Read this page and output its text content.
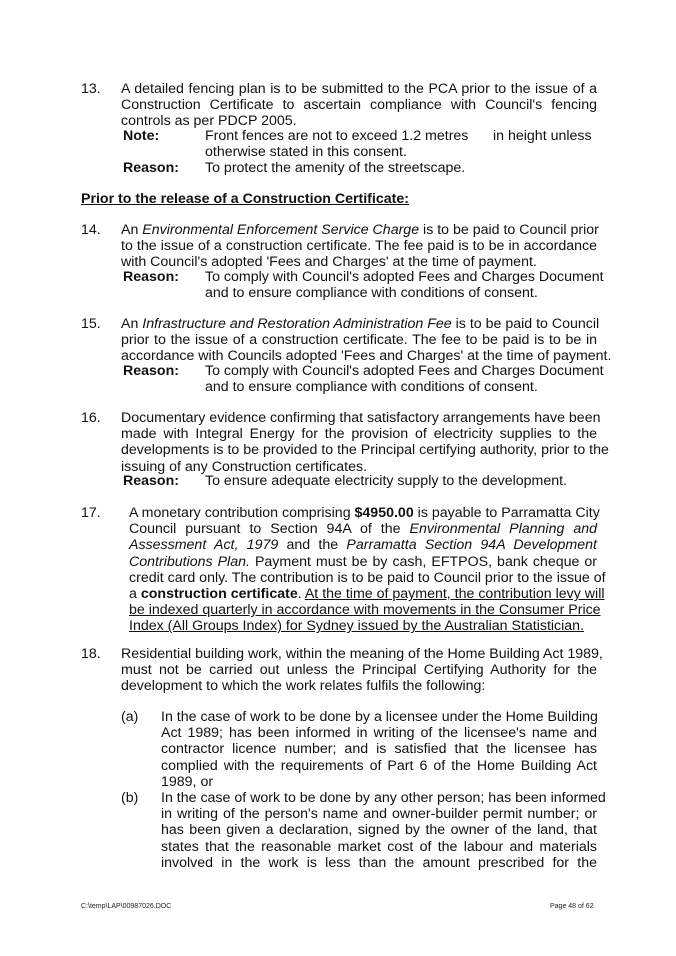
13. A detailed fencing plan is to be submitted to the PCA prior to the issue of a
Construction Certificate to ascertain compliance with Council's fencing
controls as per PDCP 2005.
Note:	Front fences are not to exceed 1.2 metres in height unless
otherwise stated in this consent.
Reason: To protect the amenity of the streetscape.
Prior to the release of a Construction Certificate:
14. An Environmental Enforcement Service Charge is to be paid to Council prior
to the issue of a construction certificate. The fee paid is to be in accordance
with Council's adopted 'Fees and Charges' at the time of payment.
Reason: To comply with Council's adopted Fees and Charges Document
and to ensure compliance with conditions of consent.
15. An Infrastructure and Restoration Administration Fee is to be paid to Council
prior to the issue of a construction certificate. The fee to be paid is to be in
accordance with Councils adopted 'Fees and Charges' at the time of payment.
Reason: To comply with Council's adopted Fees and Charges Document
and to ensure compliance with conditions of consent.
16. Documentary evidence confirming that satisfactory arrangements have been
made with Integral Energy for the provision of electricity supplies to the
developments is to be provided to the Principal certifying authority, prior to the
issuing of any Construction certificates.
Reason: To ensure adequate electricity supply to the development.
17. A monetary contribution comprising $4950.00 is payable to Parramatta City
Council pursuant to Section 94A of the Environmental Planning and
Assessment Act, 1979 and the Parramatta Section 94A Development
Contributions Plan. Payment must be by cash, EFTPOS, bank cheque or
credit card only. The contribution is to be paid to Council prior to the issue of
a construction certificate. At the time of payment, the contribution levy will
be indexed quarterly in accordance with movements in the Consumer Price
Index (All Groups Index) for Sydney issued by the Australian Statistician.
18. Residential building work, within the meaning of the Home Building Act 1989,
must not be carried out unless the Principal Certifying Authority for the
development to which the work relates fulfils the following:
(a) In the case of work to be done by a licensee under the Home Building
Act 1989; has been informed in writing of the licensee's name and
contractor licence number; and is satisfied that the licensee has
complied with the requirements of Part 6 of the Home Building Act
1989, or
(b) In the case of work to be done by any other person; has been informed
in writing of the person's name and owner-builder permit number; or
has been given a declaration, signed by the owner of the land, that
states that the reasonable market cost of the labour and materials
involved in the work is less than the amount prescribed for the
C:\temp\LAP\00987026.DOC	Page 48 of 62
